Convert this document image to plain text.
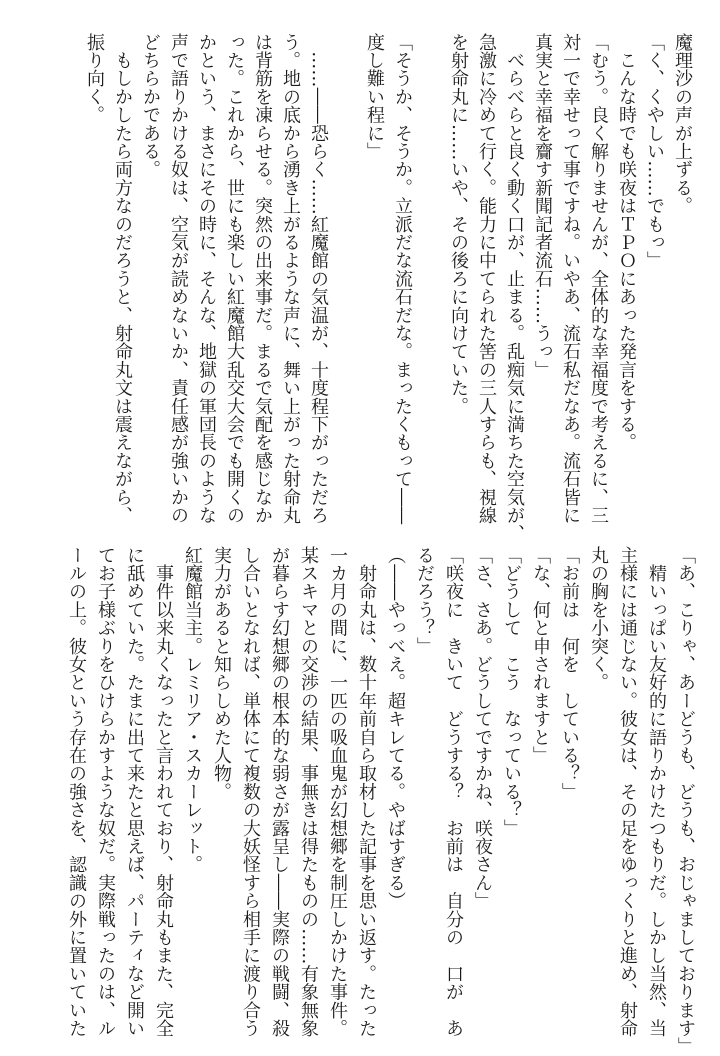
魔理沙の声が上ずる。
「く、くやしい……でもっ」
　こんな時でも咲夜はＴＰＯにあった発言をする。
「むう。良く解りませんが、全体的な幸福度で考えるに、三
対一で幸せって事ですね。いやあ、流石私だなあ。流石皆に
真実と幸福を齎す新聞記者流石……うっ」
　べらべらと良く動く口が、止まる。乱痴気に満ちた空気が、
急激に冷めて行く。能力に中てられた筈の三人すらも、視線
を射命丸に……いや、その後ろに向けていた。
「そうか、そうか。立派だな流石だな。まったくもって――
度し難い程に」
　……――恐らく……紅魔館の気温が、十度程下がっただろ
う。地の底から湧き上がるような声に、舞い上がった射命丸
は背筋を凍らせる。突然の出来事だ。まるで気配を感じなか
った。これから、世にも楽しい紅魔館大乱交大会でも開くの
かという、まさにその時に、そんな、地獄の軍団長のような
声で語りかける奴は、空気が読めないか、責任感が強いかの
どちらかである。
　もしかしたら両方なのだろうと、射命丸文は震えながら、
振り向く。
「あ、こりゃ、あーどうも、どうも、おじゃましております」
　精いっぱい友好的に語りかけたつもりだ。しかし当然、当
主様には通じない。彼女は、その足をゆっくりと進め、射命
丸の胸を小突く。
「お前は　何を　している？」
「な、何と申されますと」
「どうして　こう　なっている？」
「さ、さあ。どうしてですかね、咲夜さん」
「咲夜に　きいて　どうする？　お前は　自分の　口が　あ
るだろう？」
（――やっべえ。超キレてる。やばすぎる）
　射命丸は、数十年前自ら取材した記事を思い返す。たった
一カ月の間に、一匹の吸血鬼が幻想郷を制圧しかけた事件。
某スキマとの交渉の結果、事無きは得たものの……有象無象
が暮らす幻想郷の根本的な弱さが露呈し――実際の戦闘、殺
し合いとなれば、単体にて複数の大妖怪すら相手に渡り合う
実力があると知らしめた人物。
紅魔館当主。レミリア・スカーレット。
　事件以来丸くなったと言われており、射命丸もまた、完全
に舐めていた。たまに出て来たと思えば、パーティなど開い
てお子様ぶりをひけらかすような奴だ。実際戦ったのは、ル
ールの上。彼女という存在の強さを、認識の外に置いていた
